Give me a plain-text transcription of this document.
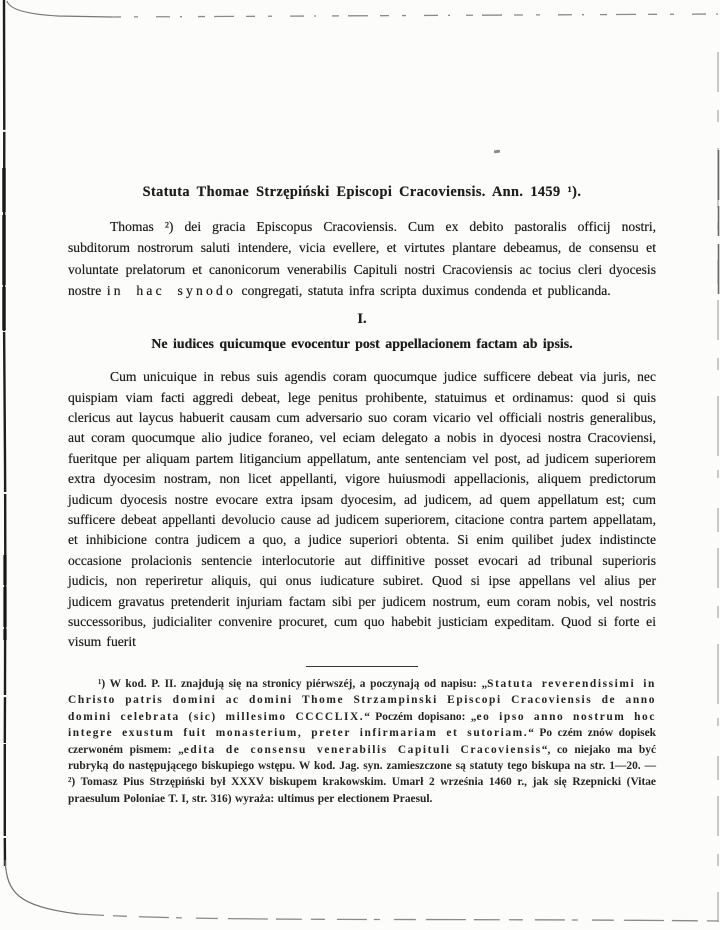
Statuta Thomae Strzępiński Episcopi Cracoviensis. Ann. 1459 ¹).

Thomas ²) dei gracia Episcopus Cracoviensis. Cum ex debito pastoralis officij nostri, subditorum nostrorum saluti intendere, vicia evellere, et virtutes plantare debeamus, de consensu et voluntate prelatorum et canonicorum venerabilis Capituli nostri Cracoviensis ac tocius cleri dyocesis nostre in hac synodo congregati, statuta infra scripta duximus condenda et publicanda.

I.
Ne iudices quicumque evocentur post appellacionem factam ab ipsis.

Cum unicuique in rebus suis agendis coram quocumque judice sufficere debeat via juris, nec quispiam viam facti aggredi debeat, lege penitus prohibente, statuimus et ordinamus: quod si quis clericus aut laycus habuerit causam cum adversario suo coram vicario vel officiali nostris generalibus, aut coram quocumque alio judice foraneo, vel eciam delegato a nobis in dyocesi nostra Cracoviensi, fueritque per aliquam partem litigancium appellatum, ante sentenciam vel post, ad judicem superiorem extra dyocesim nostram, non licet appellanti, vigore huiusmodi appellacionis, aliquem predictorum judicum dyocesis nostre evocare extra ipsam dyocesim, ad judicem, ad quem appellatum est; cum sufficere debeat appellanti devolucio cause ad judicem superiorem, citacione contra partem appellatam, et inhibicione contra judicem a quo, a judice superiori obtenta. Si enim quilibet judex indistincte occasione prolacionis sentencie interlocutorie aut diffinitive posset evocari ad tribunal superioris judicis, non reperiretur aliquis, qui onus iudicature subiret. Quod si ipse appellans vel alius per judicem gravatus pretenderit injuriam factam sibi per judicem nostrum, eum coram nobis, vel nostris successoribus, judicialiter convenire procuret, cum quo habebit justiciam expeditam. Quod si forte ei visum fuerit

¹) W kod. P. II. znajdują się na stronicy piérwszéj, a poczynają od napisu: „Statuta reverendissimi in Christo patris domini ac domini Thome Strzampinski Episcopi Cracoviensis de anno domini celebrata (sic) millesimo CCCCLIX.“ Poczém dopisano: „eo ipso anno nostrum hoc integre exustum fuit monasterium, preter infirmariam et sutoriam.“ Po czém znów dopisek czerwoném pismem: „edita de consensu venerabilis Capituli Cracoviensis“, co niejako ma być rubryką do następującego biskupiego wstępu. W kod. Jag. syn. zamieszczone są statuty tego biskupa na str. 1—20. — ²) Tomasz Pius Strzępiński był XXXV biskupem krakowskim. Umarł 2 września 1460 r., jak się Rzepnicki (Vitae praesulum Poloniae T. I, str. 316) wyraża: ultimus per electionem Praesul.
